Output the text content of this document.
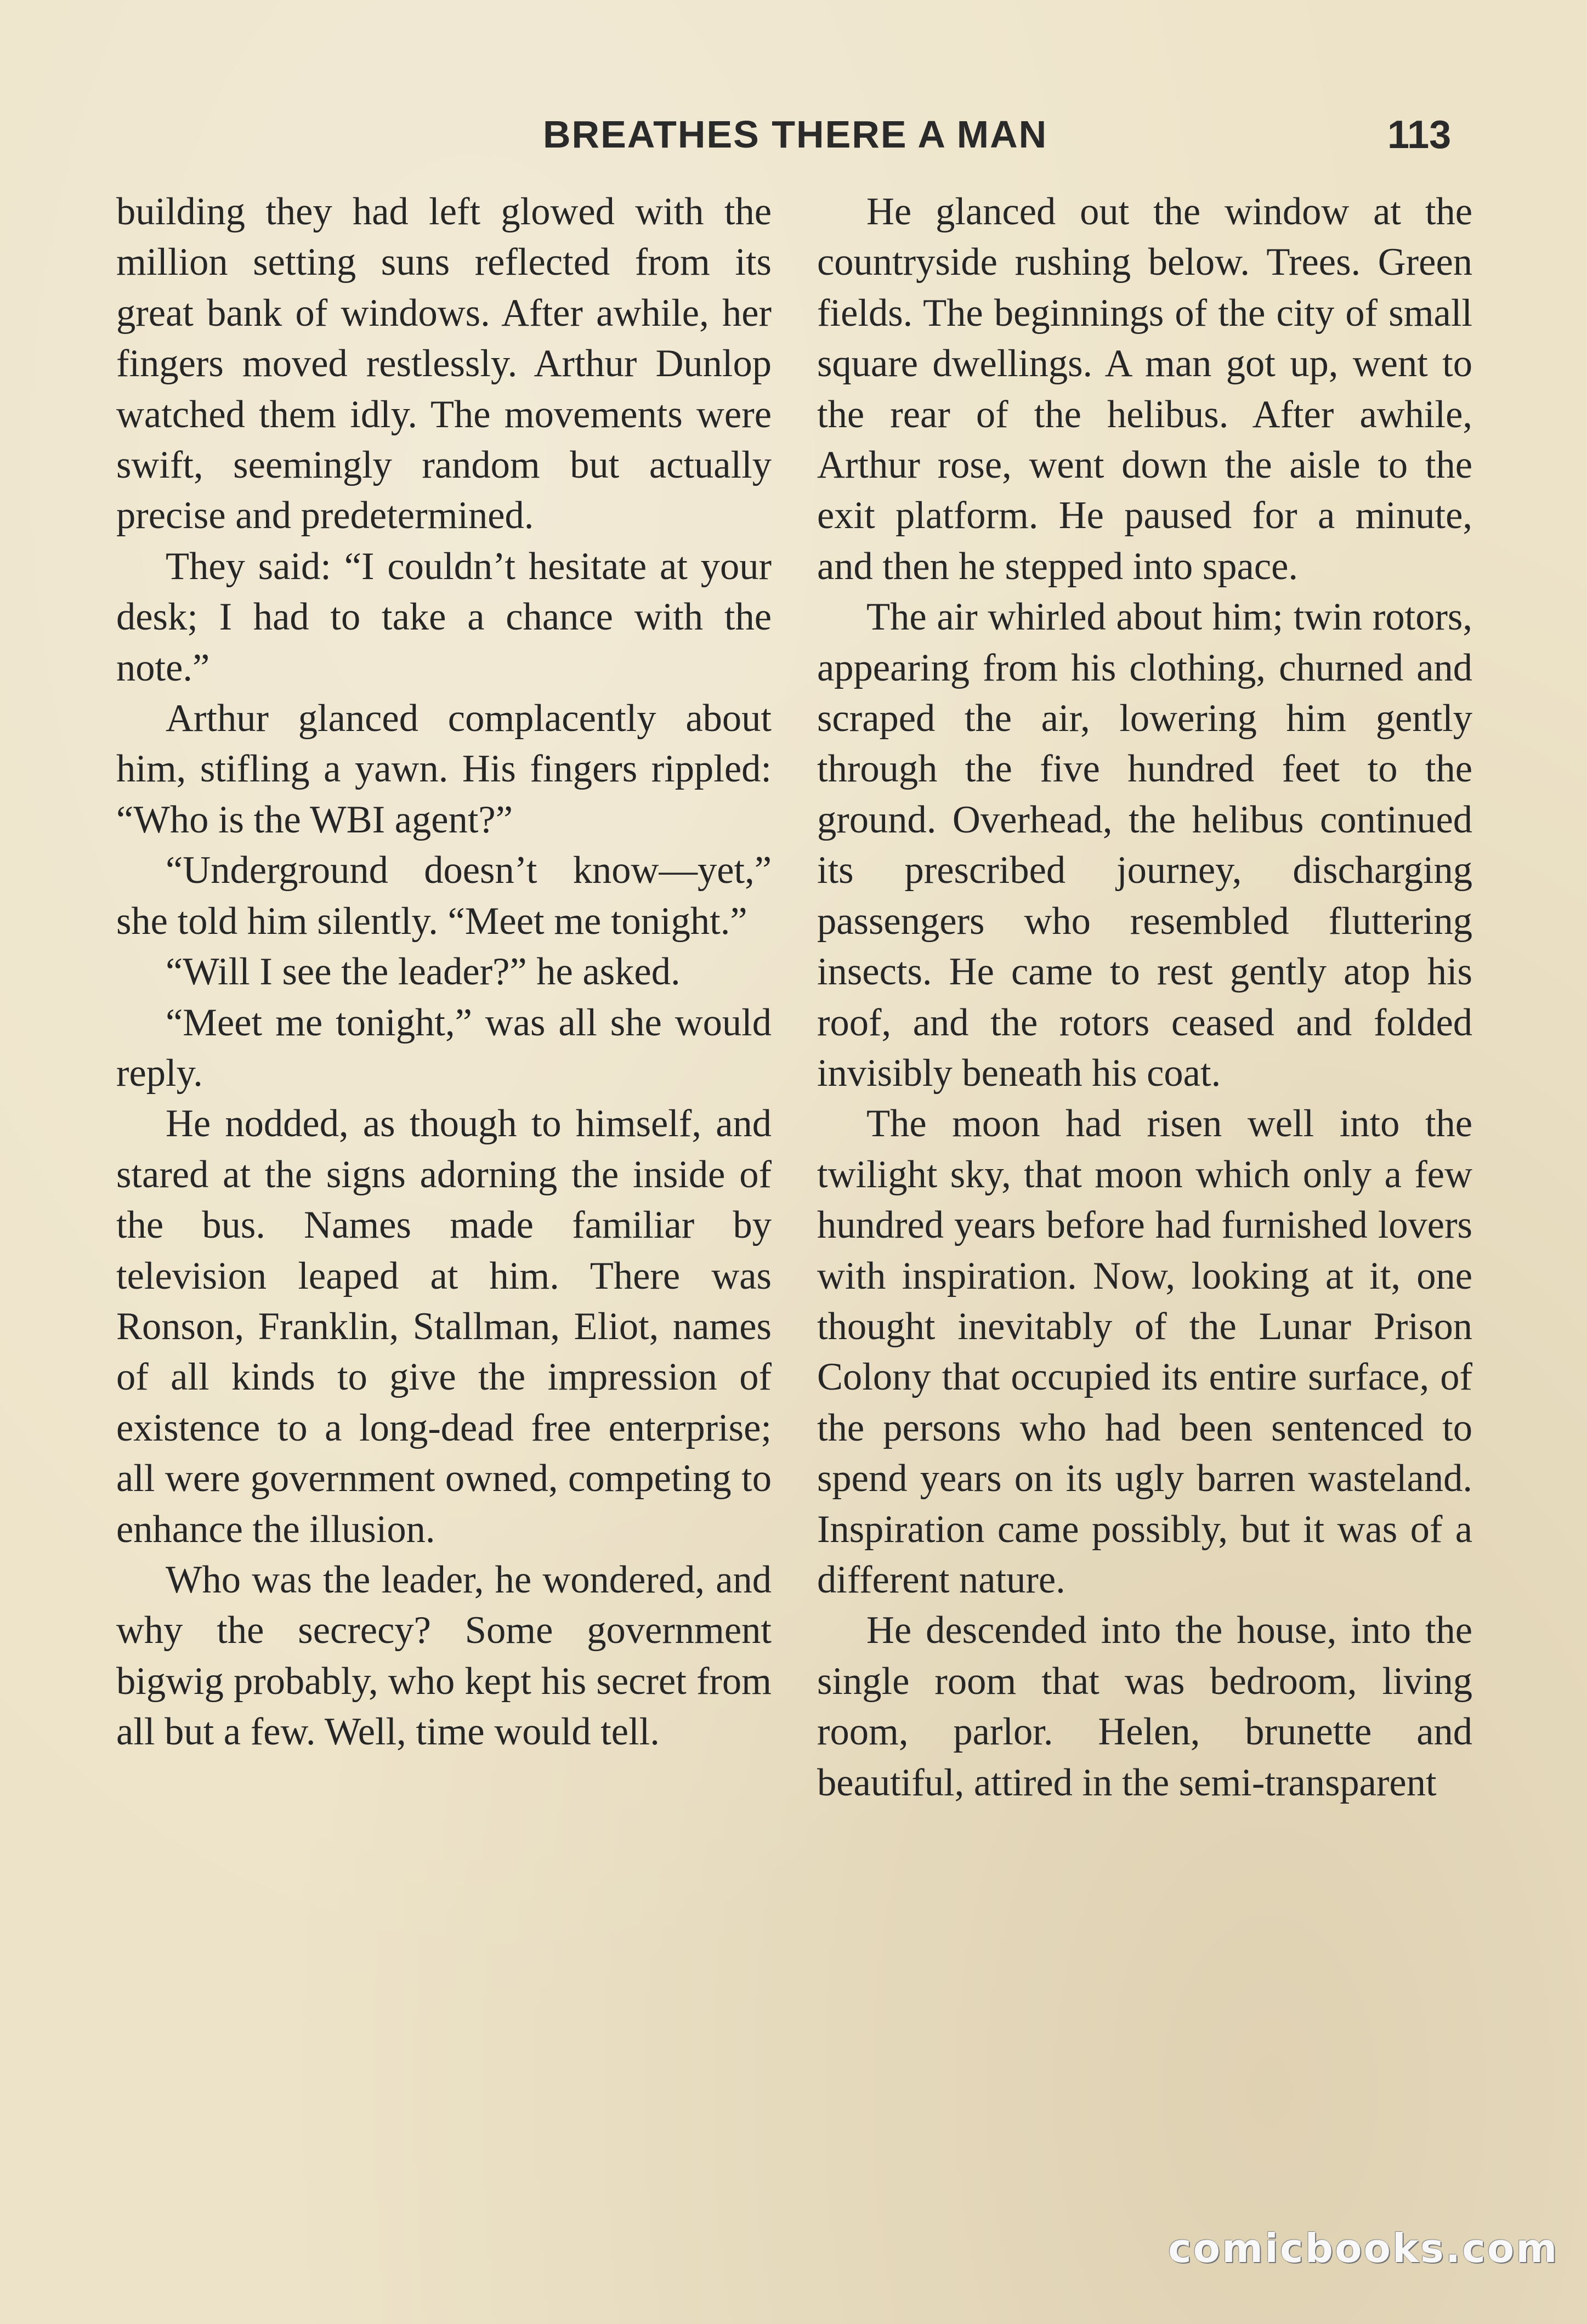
BREATHES THERE A MAN	113

building they had left glowed with the million setting suns reflected from its great bank of windows. After awhile, her fingers moved restlessly. Arthur Dunlop watched them idly. The movements were swift, seemingly random but actually precise and predetermined.

They said: “I couldn’t hesitate at your desk; I had to take a chance with the note.”

Arthur glanced complacently about him, stifling a yawn. His fingers rippled: “Who is the WBI agent?”

“Underground doesn’t know—yet,” she told him silently. “Meet me tonight.”

“Will I see the leader?” he asked.

“Meet me tonight,” was all she would reply.

He nodded, as though to himself, and stared at the signs adorning the inside of the bus. Names made familiar by television leaped at him. There was Ronson, Franklin, Stallman, Eliot, names of all kinds to give the impression of existence to a long-dead free enterprise; all were government owned, competing to enhance the illusion.

Who was the leader, he wondered, and why the secrecy? Some government bigwig probably, who kept his secret from all but a few. Well, time would tell.

He glanced out the window at the countryside rushing below. Trees. Green fields. The beginnings of the city of small square dwellings. A man got up, went to the rear of the helibus. After awhile, Arthur rose, went down the aisle to the exit platform. He paused for a minute, and then he stepped into space.

The air whirled about him; twin rotors, appearing from his clothing, churned and scraped the air, lowering him gently through the five hundred feet to the ground. Overhead, the helibus continued its prescribed journey, discharging passengers who resembled fluttering insects. He came to rest gently atop his roof, and the rotors ceased and folded invisibly beneath his coat.

The moon had risen well into the twilight sky, that moon which only a few hundred years before had furnished lovers with inspiration. Now, looking at it, one thought inevitably of the Lunar Prison Colony that occupied its entire surface, of the persons who had been sentenced to spend years on its ugly barren wasteland. Inspiration came possibly, but it was of a different nature.

He descended into the house, into the single room that was bedroom, living room, parlor. Helen, brunette and beautiful, attired in the semi-transparent

comicbooks.com
